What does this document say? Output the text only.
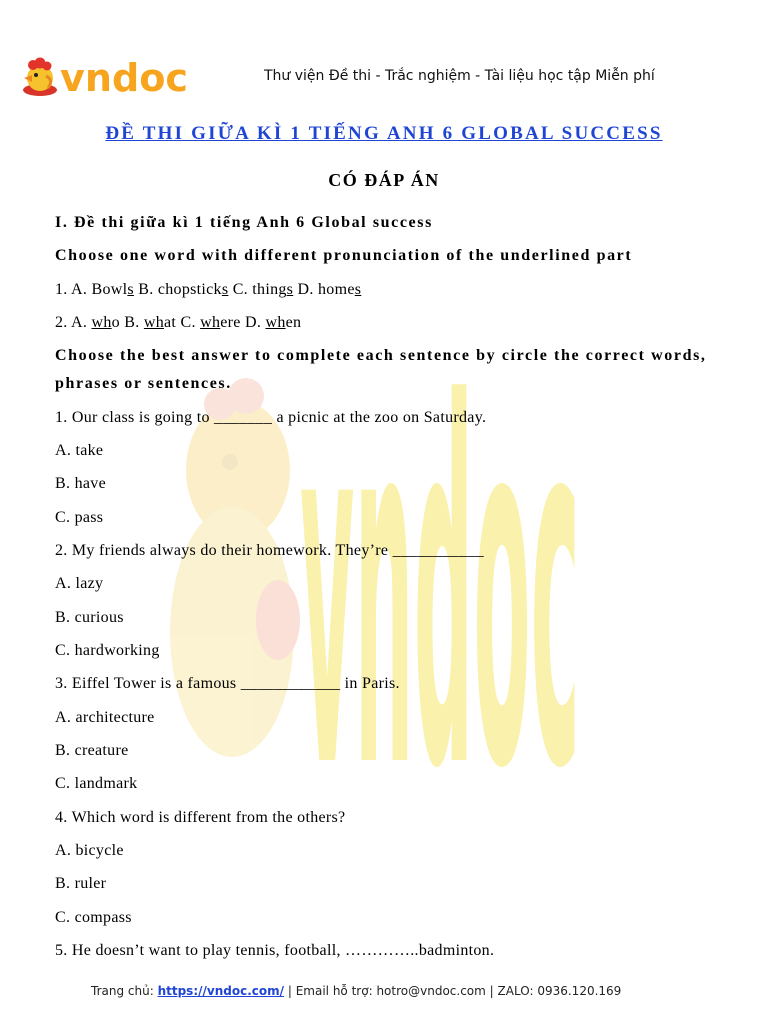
vndoc	Thư viện Đề thi - Trắc nghiệm - Tài liệu học tập Miễn phí
ĐỀ THI GIỮA KÌ 1 TIẾNG ANH 6 GLOBAL SUCCESS
CÓ ĐÁP ÁN
vndoc

I. Đề thi giữa kì 1 tiếng Anh 6 Global success

Choose one word with different pronunciation of the underlined part

1. A. Bowls B. chopsticks C. things D. homes

2. A. who B. what C. where D. when

Choose the best answer to complete each sentence by circle the correct words, phrases or sentences.

1. Our class is going to _______ a picnic at the zoo on Saturday.

A. take

B. have

C. pass

2. My friends always do their homework. They’re ___________

A. lazy

B. curious

C. hardworking

3. Eiffel Tower is a famous ____________ in Paris.

A. architecture

B. creature

C. landmark

4. Which word is different from the others?

A. bicycle

B. ruler

C. compass

5. He doesn’t want to play tennis, football, …………..badminton.

Trang chủ: https://vndoc.com/ | Email hỗ trợ: hotro@vndoc.com | ZALO: 0936.120.169
